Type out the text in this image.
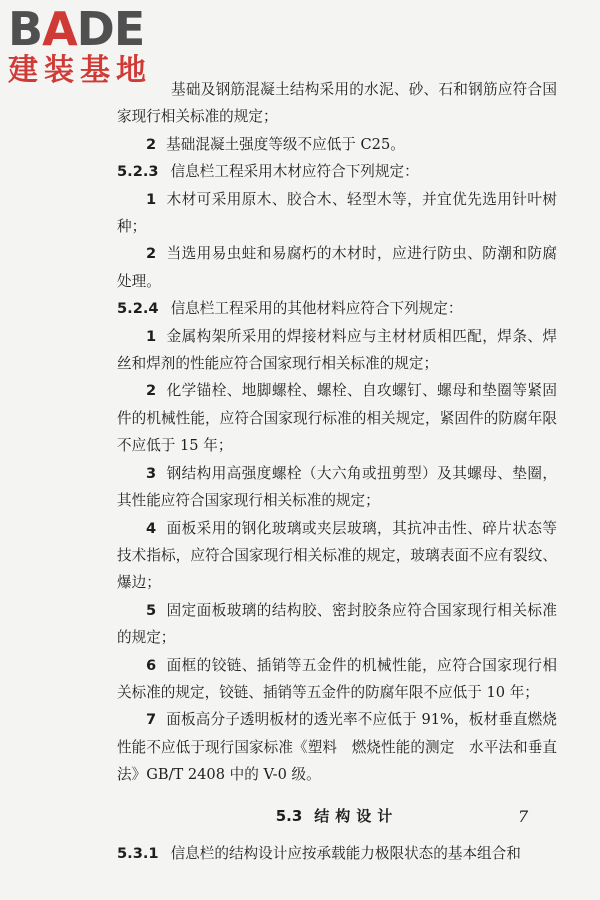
BADE
建装基地

基础及钢筋混凝土结构采用的水泥、砂、石和钢筋应符合国家现行相关标准的规定；

2 基础混凝土强度等级不应低于 C25。

5.2.3 信息栏工程采用木材应符合下列规定：

1 木材可采用原木、胶合木、轻型木等，并宜优先选用针叶树种；

2 当选用易虫蛀和易腐朽的木材时，应进行防虫、防潮和防腐处理。

5.2.4 信息栏工程采用的其他材料应符合下列规定：

1 金属构架所采用的焊接材料应与主材材质相匹配，焊条、焊丝和焊剂的性能应符合国家现行相关标准的规定；

2 化学锚栓、地脚螺栓、螺栓、自攻螺钉、螺母和垫圈等紧固件的机械性能，应符合国家现行标准的相关规定，紧固件的防腐年限不应低于 15 年；

3 钢结构用高强度螺栓（大六角或扭剪型）及其螺母、垫圈，其性能应符合国家现行相关标准的规定；

4 面板采用的钢化玻璃或夹层玻璃，其抗冲击性、碎片状态等技术指标，应符合国家现行相关标准的规定，玻璃表面不应有裂纹、爆边；

5 固定面板玻璃的结构胶、密封胶条应符合国家现行相关标准的规定；

6 面框的铰链、插销等五金件的机械性能，应符合国家现行相关标准的规定，铰链、插销等五金件的防腐年限不应低于 10 年；

7 面板高分子透明板材的透光率不应低于 91%，板材垂直燃烧性能不应低于现行国家标准《塑料　燃烧性能的测定　水平法和垂直法》GB/T 2408 中的 V-0 级。

5.3 结构设计

5.3.1 信息栏的结构设计应按承载能力极限状态的基本组合和

7
